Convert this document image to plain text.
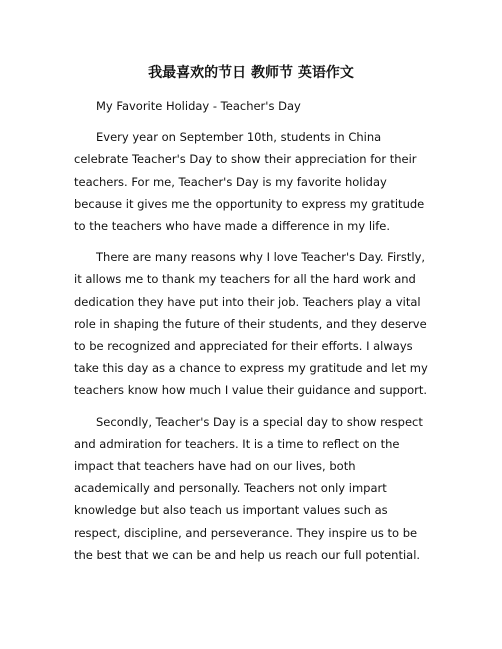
我最喜欢的节日 教师节 英语作文

My Favorite Holiday - Teacher's Day

Every year on September 10th, students in China celebrate Teacher's Day to show their appreciation for their teachers. For me, Teacher's Day is my favorite holiday because it gives me the opportunity to express my gratitude to the teachers who have made a difference in my life.

There are many reasons why I love Teacher's Day. Firstly, it allows me to thank my teachers for all the hard work and dedication they have put into their job. Teachers play a vital role in shaping the future of their students, and they deserve to be recognized and appreciated for their efforts. I always take this day as a chance to express my gratitude and let my teachers know how much I value their guidance and support.

Secondly, Teacher's Day is a special day to show respect and admiration for teachers. It is a time to reflect on the impact that teachers have had on our lives, both academically and personally. Teachers not only impart knowledge but also teach us important values such as respect, discipline, and perseverance. They inspire us to be the best that we can be and help us reach our full potential.
